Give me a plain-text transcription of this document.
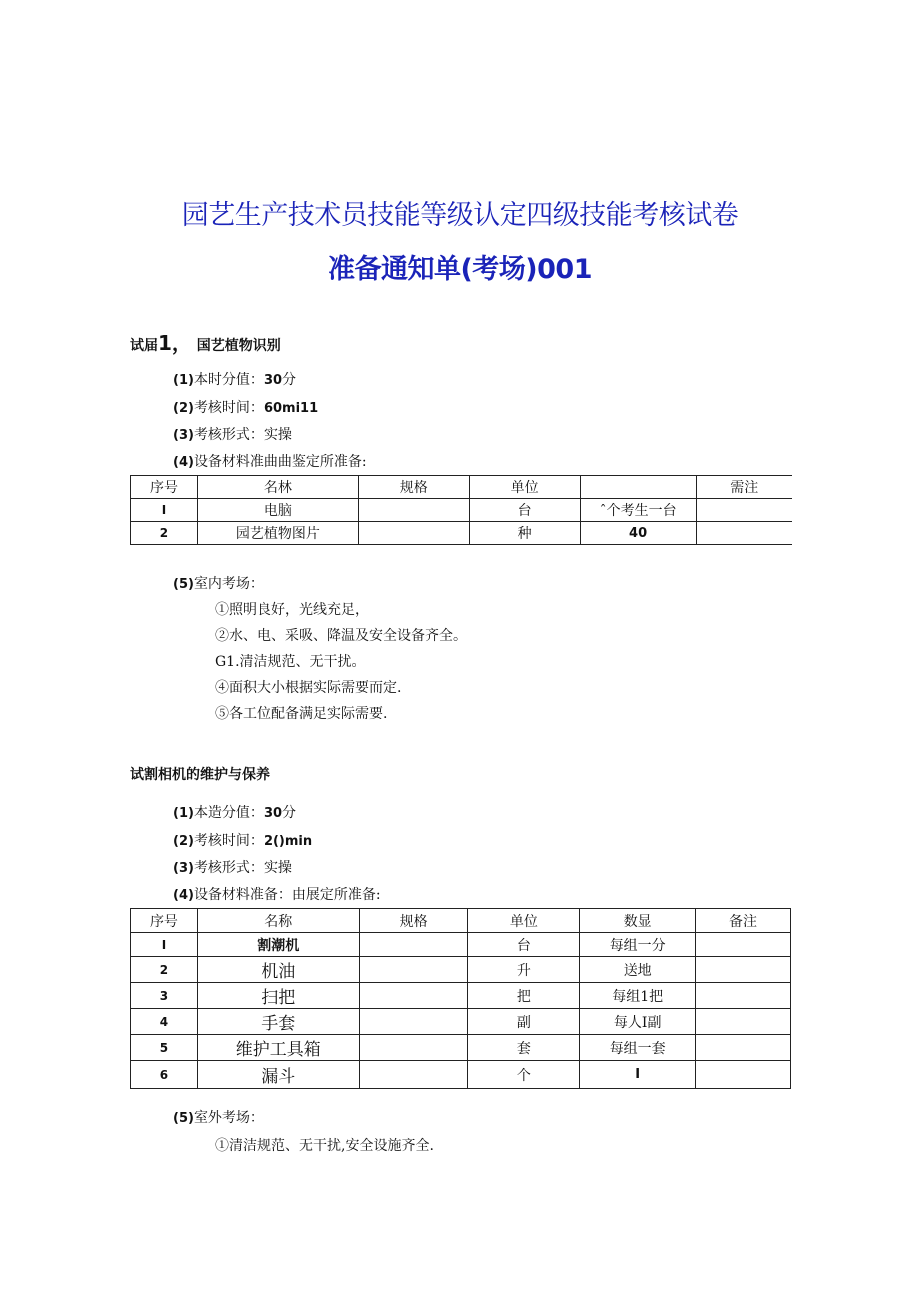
园艺生产技术员技能等级认定四级技能考核试卷
准备通知单(考场)001
试届1， 国艺植物识别
(1)本时分值：30分
(2)考核时间：60mi11
(3)考核形式：实操
(4)设备材料准曲曲鉴定所准备:
序号	名林	规格	单位		需注
I	电脑		台	ˆ个考生一台	
2	园艺植物图片		种	40	
(5)室内考场：
①照明良好，光线充足，
②水、电、采吸、降温及安全设备齐全。
G1.清洁规范、无干扰。
④面积大小根据实际需要而定.
⑤各工位配备满足实际需要.
试割相机的维护与保养
(1)本造分值：30分
(2)考核时间：2()min
(3)考核形式：实操
(4)设备材料准备：由展定所准备:
序号	名称	规格	单位	数显	备注
I	割潮机		台	每组一分	
2	机油		升	送地	
3	扫把		把	每组1把	
4	手套		副	每人I副	
5	维护工具箱		套	每组一套	
6	漏斗		个	I	
(5)室外考场：
①清洁规范、无干扰,安全设施齐全.
